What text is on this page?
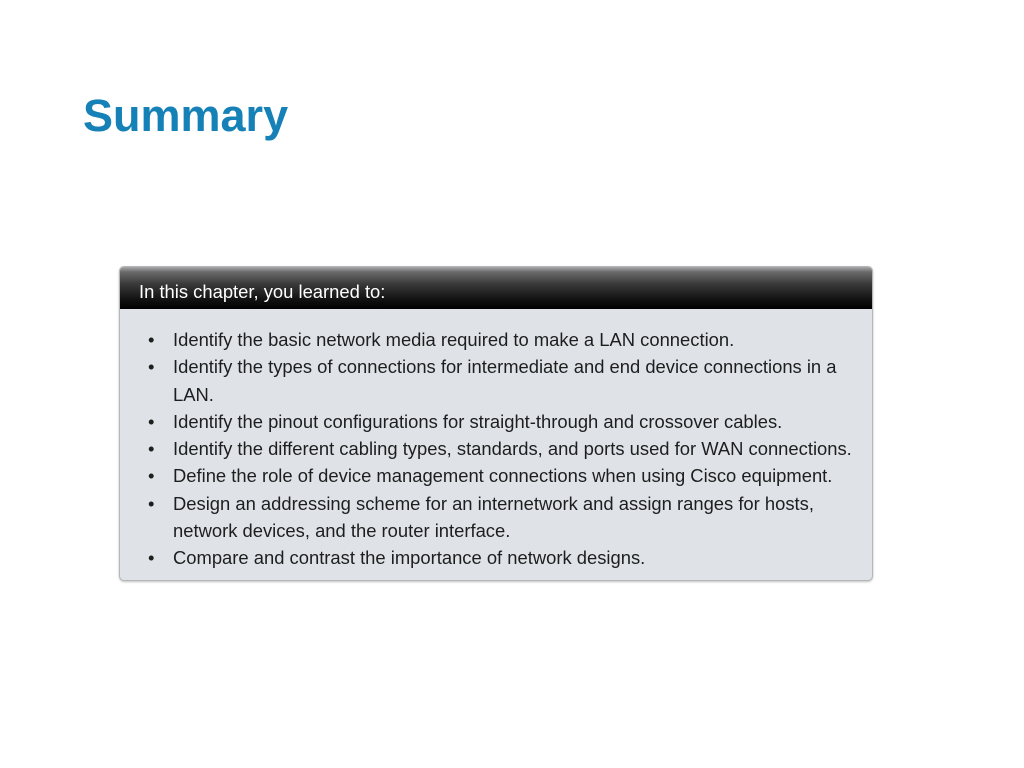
Summary
In this chapter, you learned to:
• Identify the basic network media required to make a LAN connection.
• Identify the types of connections for intermediate and end device connections in a LAN.
• Identify the pinout configurations for straight-through and crossover cables.
• Identify the different cabling types, standards, and ports used for WAN connections.
• Define the role of device management connections when using Cisco equipment.
• Design an addressing scheme for an internetwork and assign ranges for hosts, network devices, and the router interface.
• Compare and contrast the importance of network designs.
